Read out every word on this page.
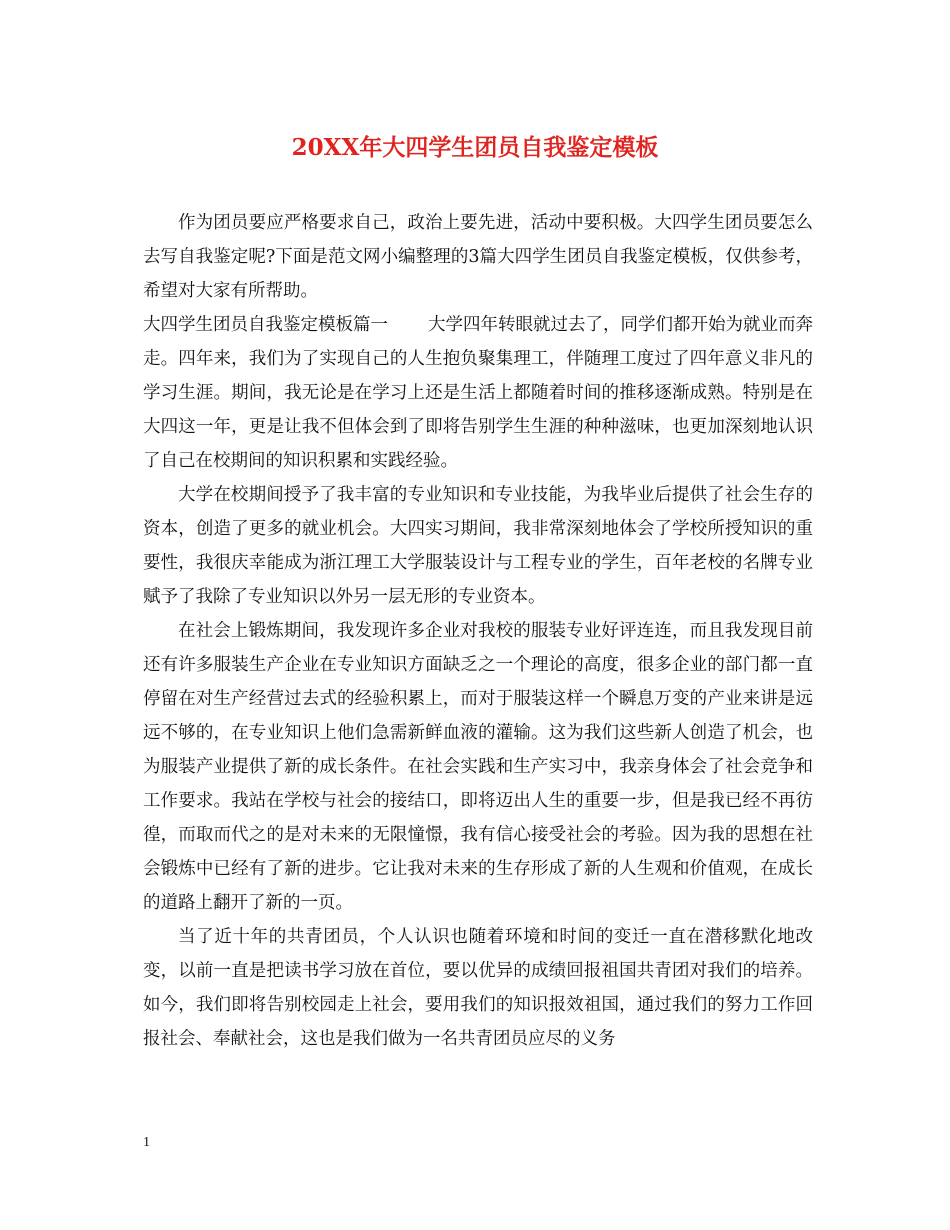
20XX年大四学生团员自我鉴定模板

作为团员要应严格要求自己，政治上要先进，活动中要积极。大四学生团员要怎么去写自我鉴定呢?下面是范文网小编整理的3篇大四学生团员自我鉴定模板，仅供参考，希望对大家有所帮助。

大四学生团员自我鉴定模板篇一 大学四年转眼就过去了，同学们都开始为就业而奔走。四年来，我们为了实现自己的人生抱负聚集理工，伴随理工度过了四年意义非凡的学习生涯。期间，我无论是在学习上还是生活上都随着时间的推移逐渐成熟。特别是在大四这一年，更是让我不但体会到了即将告别学生生涯的种种滋味，也更加深刻地认识了自己在校期间的知识积累和实践经验。

大学在校期间授予了我丰富的专业知识和专业技能，为我毕业后提供了社会生存的资本，创造了更多的就业机会。大四实习期间，我非常深刻地体会了学校所授知识的重要性，我很庆幸能成为浙江理工大学服装设计与工程专业的学生，百年老校的名牌专业赋予了我除了专业知识以外另一层无形的专业资本。

在社会上锻炼期间，我发现许多企业对我校的服装专业好评连连，而且我发现目前还有许多服装生产企业在专业知识方面缺乏之一个理论的高度，很多企业的部门都一直停留在对生产经营过去式的经验积累上，而对于服装这样一个瞬息万变的产业来讲是远远不够的，在专业知识上他们急需新鲜血液的灌输。这为我们这些新人创造了机会，也为服装产业提供了新的成长条件。在社会实践和生产实习中，我亲身体会了社会竞争和工作要求。我站在学校与社会的接结口，即将迈出人生的重要一步，但是我已经不再彷徨，而取而代之的是对未来的无限憧憬，我有信心接受社会的考验。因为我的思想在社会锻炼中已经有了新的进步。它让我对未来的生存形成了新的人生观和价值观，在成长的道路上翻开了新的一页。

当了近十年的共青团员，个人认识也随着环境和时间的变迁一直在潜移默化地改变，以前一直是把读书学习放在首位，要以优异的成绩回报祖国共青团对我们的培养。如今，我们即将告别校园走上社会，要用我们的知识报效祖国，通过我们的努力工作回报社会、奉献社会，这也是我们做为一名共青团员应尽的义务

1
